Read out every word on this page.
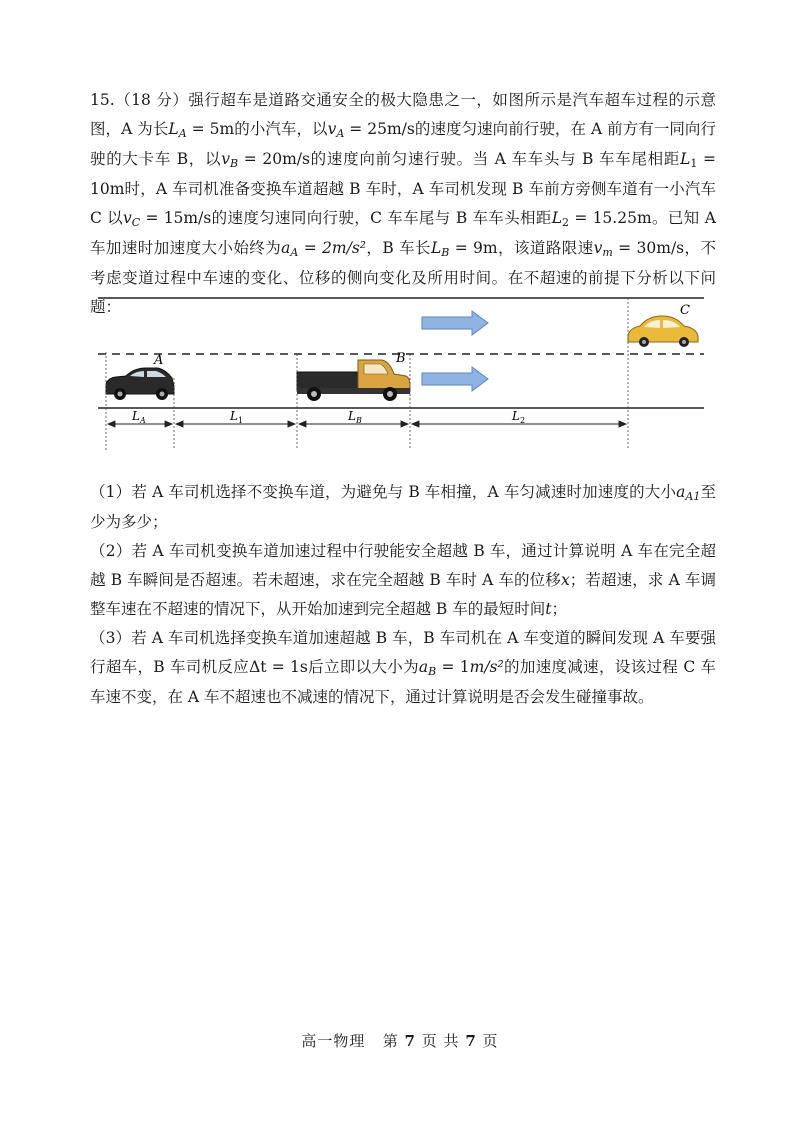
15.（18 分）强行超车是道路交通安全的极大隐患之一，如图所示是汽车超车过程的示意图，A 为长LA = 5m的小汽车，以vA = 25m/s的速度匀速向前行驶，在 A 前方有一同向行驶的大卡车 B，以vB = 20m/s的速度向前匀速行驶。当 A 车车头与 B 车车尾相距L1 = 10m时，A 车司机准备变换车道超越 B 车时，A 车司机发现 B 车前方旁侧车道有一小汽车 C 以vC = 15m/s的速度匀速同向行驶，C 车车尾与 B 车车头相距L2 = 15.25m。已知 A 车加速时加速度大小始终为aA = 2m/s²，B 车长LB = 9m，该道路限速vm = 30m/s，不考虑变道过程中车速的变化、位移的侧向变化及所用时间。在不超速的前提下分析以下问题：

A	B
C
$L_A$	$L_1$	$L_B$	$L_2$

（1）若 A 车司机选择不变换车道，为避免与 B 车相撞，A 车匀减速时加速度的大小aA1至少为多少；

（2）若 A 车司机变换车道加速过程中行驶能安全超越 B 车，通过计算说明 A 车在完全超越 B 车瞬间是否超速。若未超速，求在完全超越 B 车时 A 车的位移x；若超速，求 A 车调整车速在不超速的情况下，从开始加速到完全超越 B 车的最短时间t；

（3）若 A 车司机选择变换车道加速超越 B 车，B 车司机在 A 车变道的瞬间发现 A 车要强行超车，B 车司机反应Δt = 1s后立即以大小为aB = 1m/s²的加速度减速，设该过程 C 车车速不变，在 A 车不超速也不减速的情况下，通过计算说明是否会发生碰撞事故。

高一物理 第 7 页 共 7 页
